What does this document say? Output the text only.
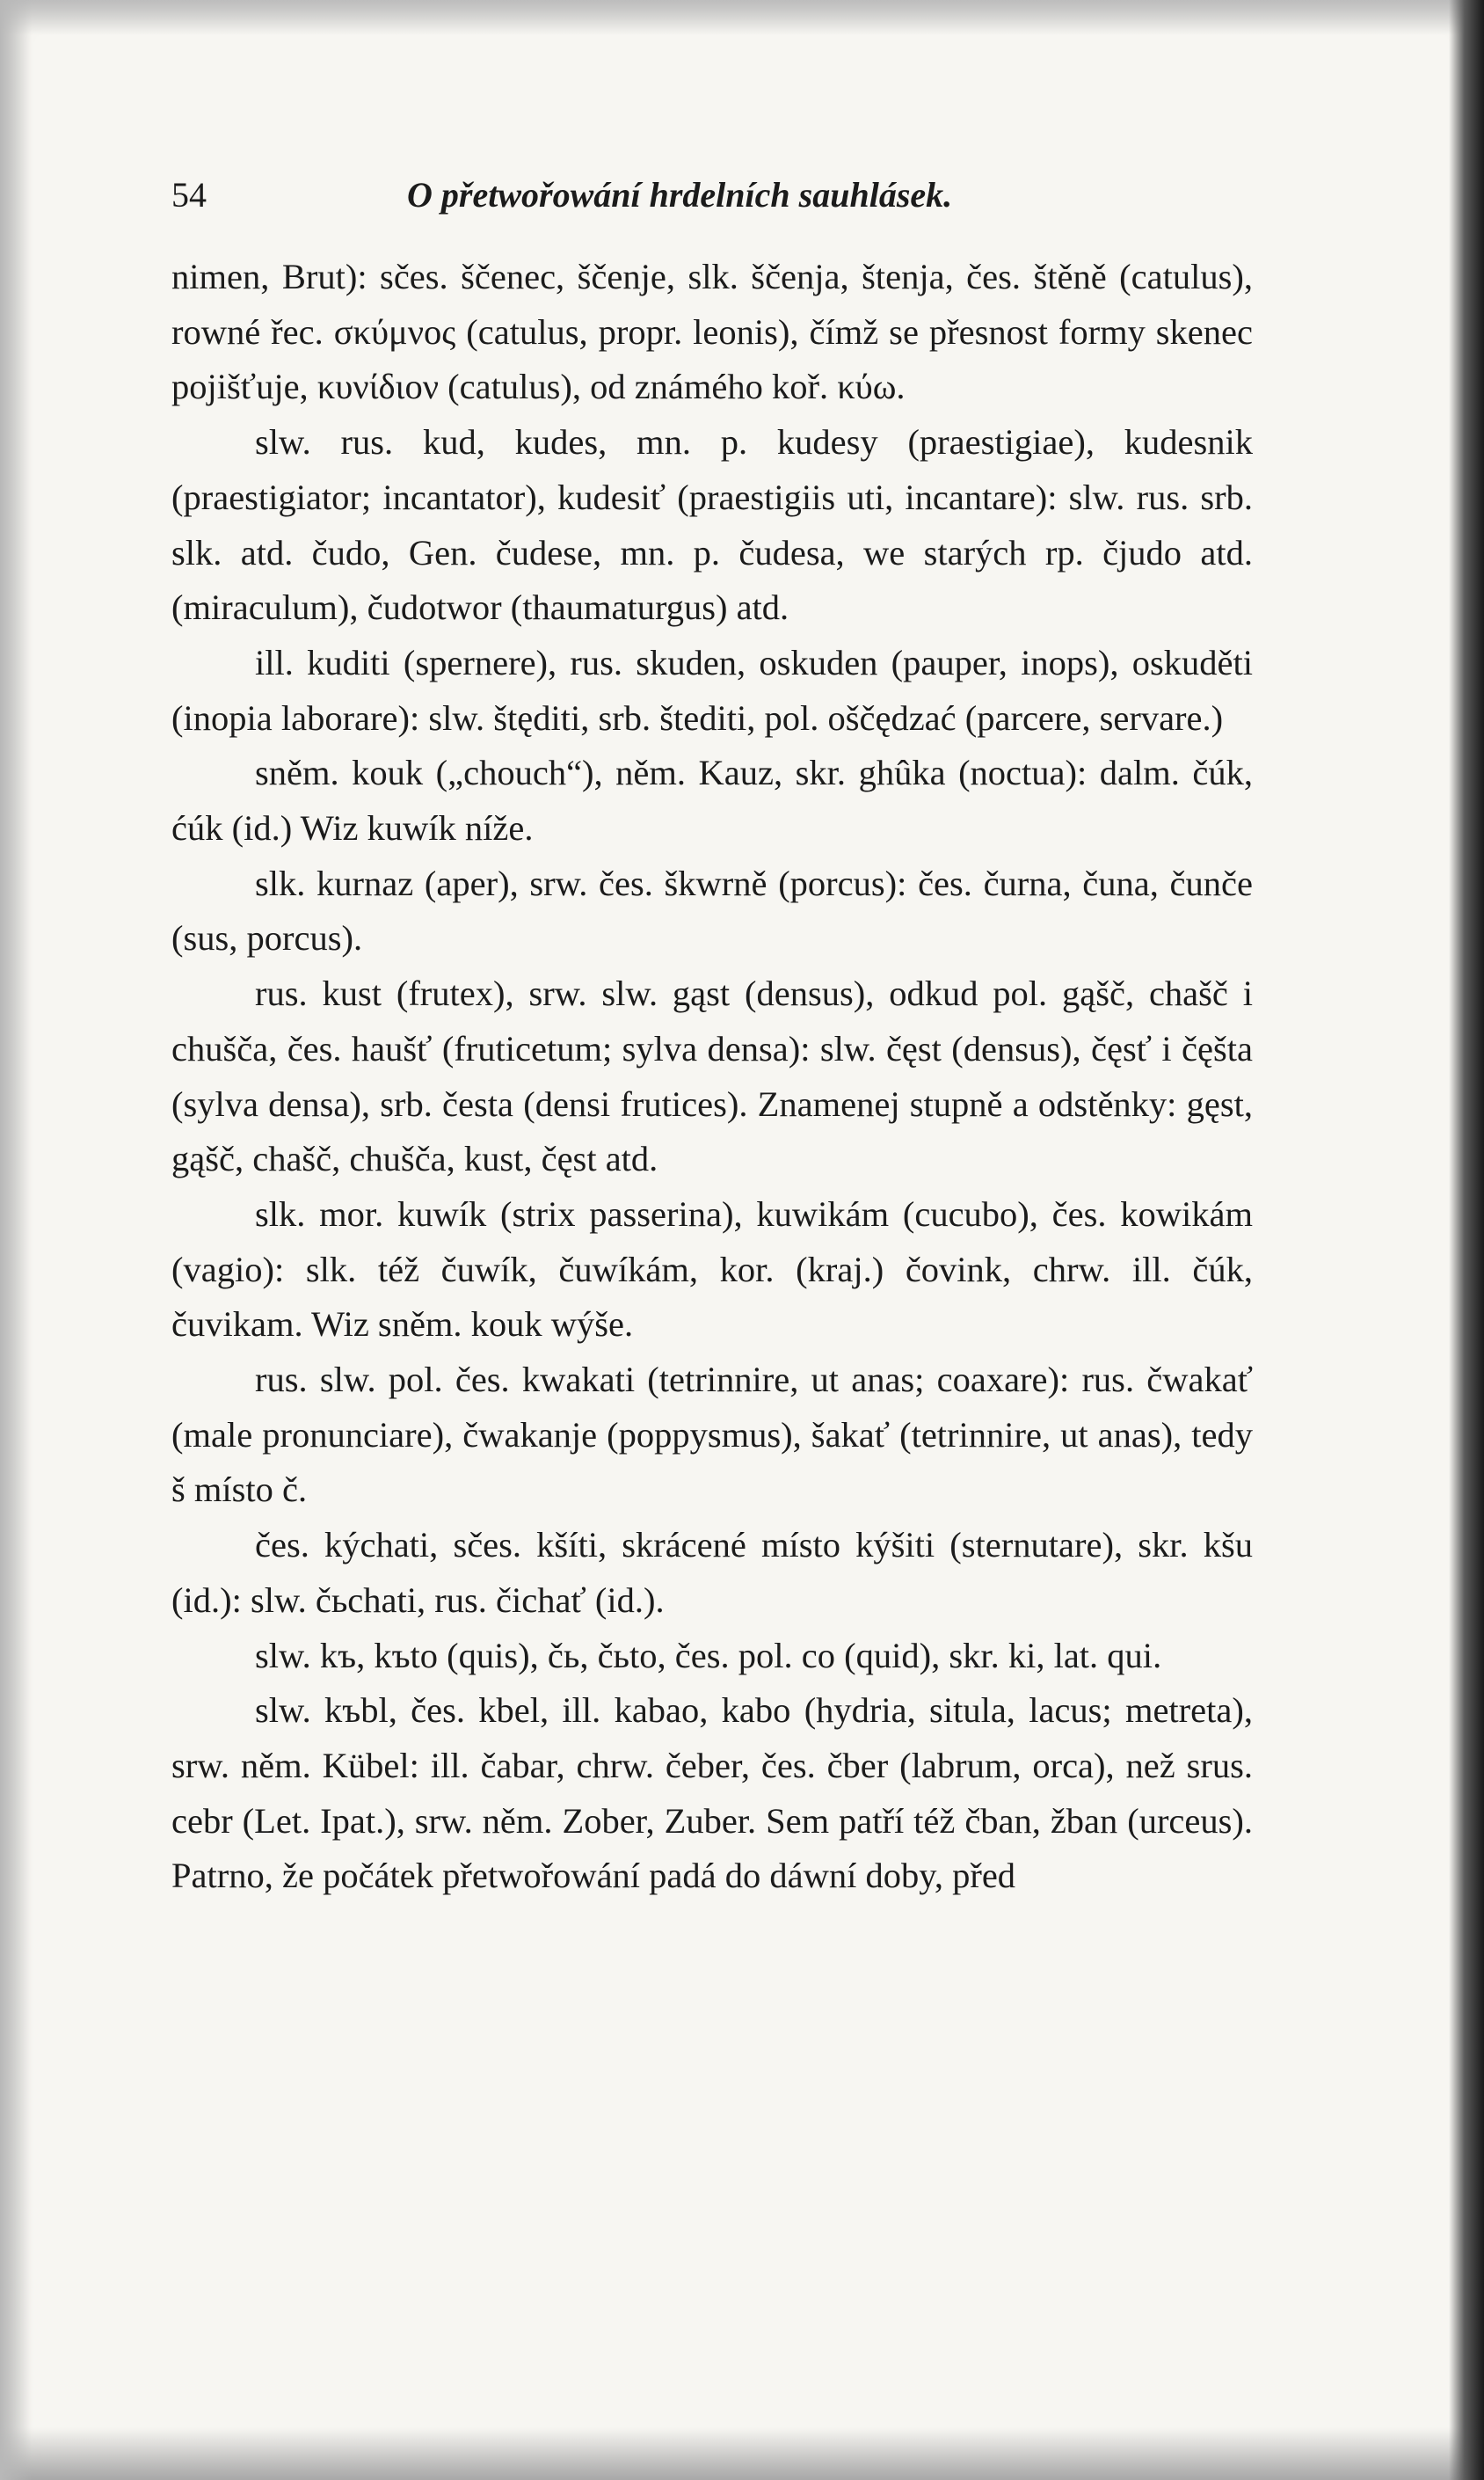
54	O přetwořowání hrdelních sauhlásek.

nimen, Brut): sčes. ščenec, ščenje, slk. ščenja, štenja, čes. štěně (catulus), rowné řec. σκύμνος (catulus, propr. leonis), čímž se přesnost formy skenec pojišťuje, κυνίδιον (catulus), od známého koř. κύω.

slw. rus. kud, kudes, mn. p. kudesy (praestigiae), kudesnik (praestigiator; incantator), kudesiť (praestigiis uti, incantare): slw. rus. srb. slk. atd. čudo, Gen. čudese, mn. p. čudesa, we starých rp. čjudo atd. (miraculum), čudotwor (thaumaturgus) atd.

ill. kuditi (spernere), rus. skuden, oskuden (pauper, inops), oskuděti (inopia laborare): slw. štęditi, srb. štediti, pol. oščędzać (parcere, servare.)

sněm. kouk („chouch“), něm. Kauz, skr. ghûka (noctua): dalm. čúk, ćúk (id.) Wiz kuwík níže.

slk. kurnaz (aper), srw. čes. škwrně (porcus): čes. čurna, čuna, čunče (sus, porcus).

rus. kust (frutex), srw. slw. gąst (densus), odkud pol. gąšč, chašč i chušča, čes. haušť (fruticetum; sylva densa): slw. čęst (densus), čęsť i čęšta (sylva densa), srb. česta (densi frutices). Znamenej stupně a odstěnky: gęst, gąšč, chašč, chušča, kust, čęst atd.

slk. mor. kuwík (strix passerina), kuwikám (cucubo), čes. kowikám (vagio): slk. též čuwík, čuwíkám, kor. (kraj.) čovink, chrw. ill. čúk, čuvikam. Wiz sněm. kouk wýše.

rus. slw. pol. čes. kwakati (tetrinnire, ut anas; coaxare): rus. čwakať (male pronunciare), čwakanje (poppysmus), šakať (tetrinnire, ut anas), tedy š místo č.

čes. kýchati, sčes. kšíti, skrácené místo kýšiti (sternutare), skr. kšu (id.): slw. čьchati, rus. čichať (id.).

slw. kъ, kъto (quis), čь, čьto, čes. pol. co (quid), skr. ki, lat. qui.

slw. kъbl, čes. kbel, ill. kabao, kabo (hydria, situla, lacus; metreta), srw. něm. Kübel: ill. čabar, chrw. čeber, čes. čber (labrum, orca), než srus. cebr (Let. Ipat.), srw. něm. Zober, Zuber. Sem patří též čban, žban (urceus). Patrno, že počátek přetwořowání padá do dáwní doby, před
